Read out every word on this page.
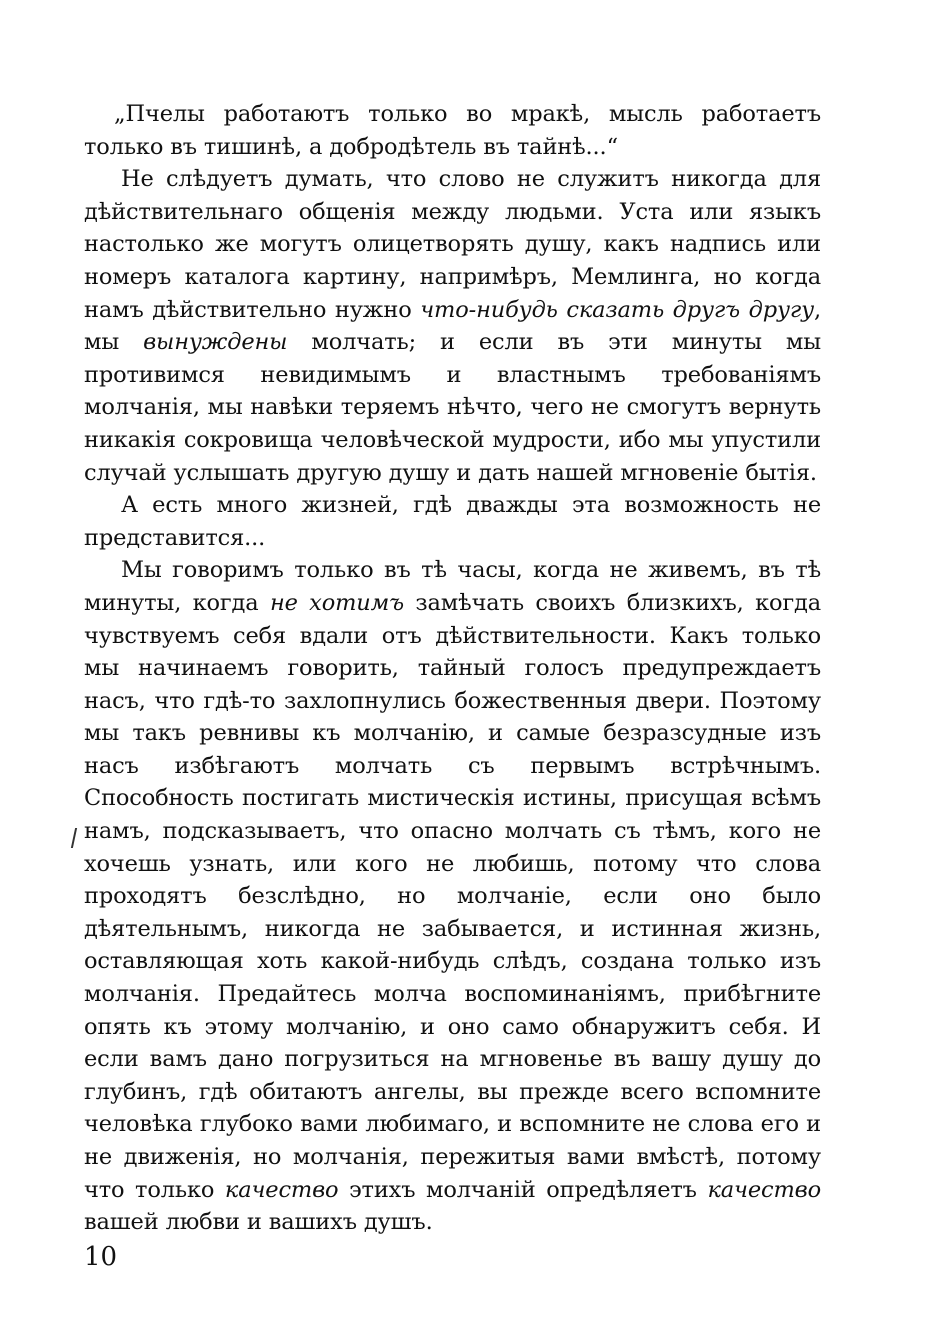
„Пчелы работаютъ только во мракѣ, мысль работаетъ только въ тишинѣ, а добродѣтель въ тайнѣ...“

Не слѣдуетъ думать, что слово не служитъ никогда для дѣйствительнаго общенія между людьми. Уста или языкъ настолько же могутъ олицетворять душу, какъ надпись или номеръ каталога картину, напримѣръ, Мемлинга, но когда намъ дѣйствительно нужно что-нибудь сказать другъ другу, мы вынуждены молчать; и если въ эти минуты мы противимся невидимымъ и властнымъ требованіямъ молчанія, мы навѣки теряемъ нѣчто, чего не смогутъ вернуть никакія сокровища человѣческой мудрости, ибо мы упустили случай услышать другую душу и дать нашей мгновеніе бытія.

А есть много жизней, гдѣ дважды эта возможность не представится...

Мы говоримъ только въ тѣ часы, когда не живемъ, въ тѣ минуты, когда не хотимъ замѣчать своихъ близкихъ, когда чувствуемъ себя вдали отъ дѣйствительности. Какъ только мы начинаемъ говорить, тайный голосъ предупреждаетъ насъ, что гдѣ-то захлопнулись божественныя двери. Поэтому мы такъ ревнивы къ молчанію, и самые безразсудные изъ насъ избѣгаютъ молчать съ первымъ встрѣчнымъ. Способность постигать мистическія истины, присущая всѣмъ намъ, подсказываетъ, что опасно молчать съ тѣмъ, кого не хочешь узнать, или кого не любишь, потому что слова проходятъ безслѣдно, но молчаніе, если оно было дѣятельнымъ, никогда не забывается, и истинная жизнь, оставляющая хоть какой-нибудь слѣдъ, создана только изъ молчанія. Предайтесь молча воспоминаніямъ, прибѣгните опять къ этому молчанію, и оно само обнаружитъ себя. И если вамъ дано погрузиться на мгновенье въ вашу душу до глубинъ, гдѣ обитаютъ ангелы, вы прежде всего вспомните человѣка глубоко вами любимаго, и вспомните не слова его и не движенія, но молчанія, пережитыя вами вмѣстѣ, потому что только качество этихъ молчаній опредѣляетъ качество вашей любви и вашихъ душъ.

10
